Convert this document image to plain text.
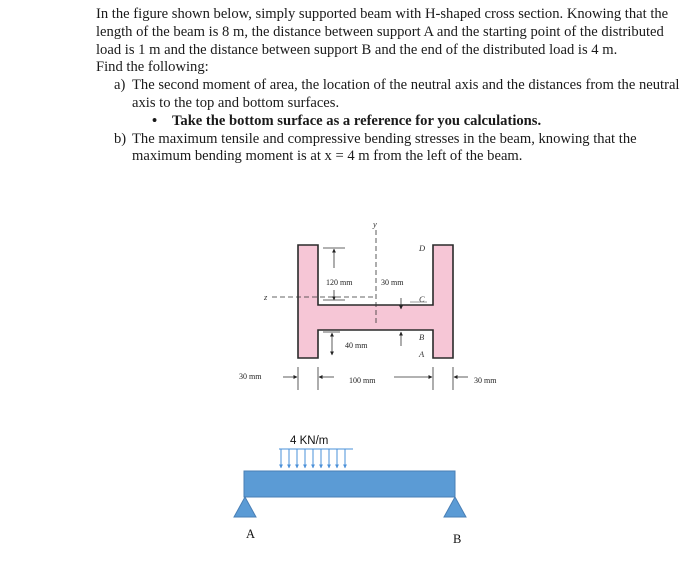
In the figure shown below, simply supported beam with H-shaped cross section. Knowing that the length of the beam is 8 m, the distance between support A and the starting point of the distributed load is 1 m and the distance between support B and the end of the distributed load is 4 m.

Find the following:

a) The second moment of area, the location of the neutral axis and the distances from the neutral axis to the top and bottom surfaces.
•	Take the bottom surface as a reference for you calculations.
b) The maximum tensile and compressive bending stresses in the beam, knowing that the maximum bending moment is at x = 4 m from the left of the beam.
y
z
120 mm	30 mm
40 mm
D
C
B
A
30 mm	100 mm	30 mm
4 KN/m
A	B
